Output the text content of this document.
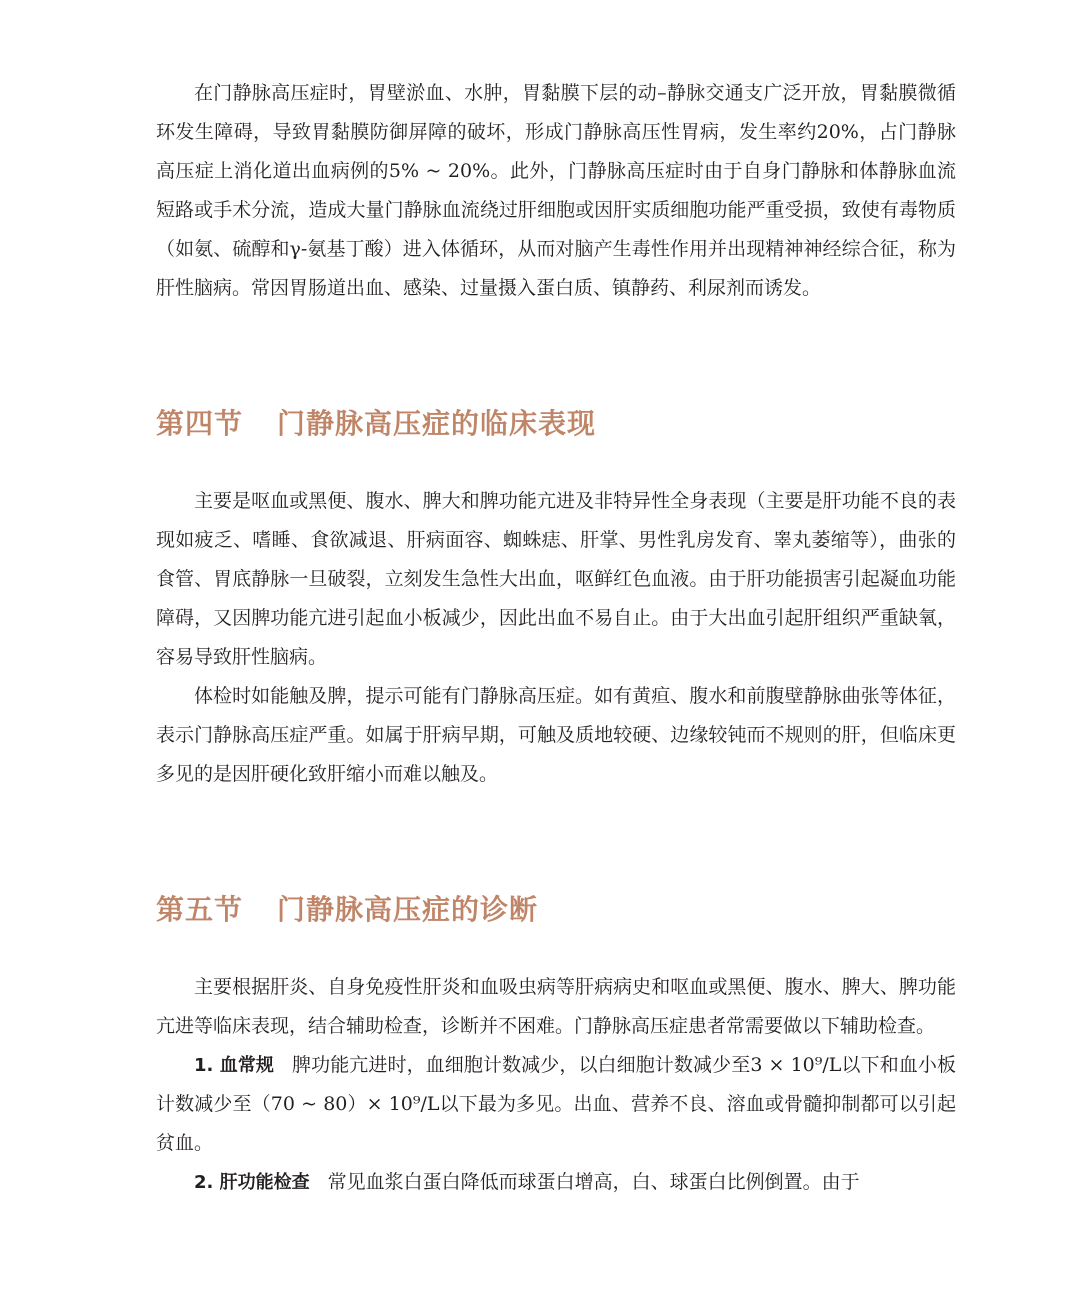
在门静脉高压症时，胃壁淤血、水肿，胃黏膜下层的动–静脉交通支广泛开放，胃黏膜微循环发生障碍，导致胃黏膜防御屏障的破坏，形成门静脉高压性胃病，发生率约20%，占门静脉高压症上消化道出血病例的5% ~ 20%。此外，门静脉高压症时由于自身门静脉和体静脉血流短路或手术分流，造成大量门静脉血流绕过肝细胞或因肝实质细胞功能严重受损，致使有毒物质（如氨、硫醇和γ-氨基丁酸）进入体循环，从而对脑产生毒性作用并出现精神神经综合征，称为肝性脑病。常因胃肠道出血、感染、过量摄入蛋白质、镇静药、利尿剂而诱发。

第四节 门静脉高压症的临床表现

主要是呕血或黑便、腹水、脾大和脾功能亢进及非特异性全身表现（主要是肝功能不良的表现如疲乏、嗜睡、食欲减退、肝病面容、蜘蛛痣、肝掌、男性乳房发育、睾丸萎缩等），曲张的食管、胃底静脉一旦破裂，立刻发生急性大出血，呕鲜红色血液。由于肝功能损害引起凝血功能障碍，又因脾功能亢进引起血小板减少，因此出血不易自止。由于大出血引起肝组织严重缺氧，容易导致肝性脑病。

体检时如能触及脾，提示可能有门静脉高压症。如有黄疸、腹水和前腹壁静脉曲张等体征，表示门静脉高压症严重。如属于肝病早期，可触及质地较硬、边缘较钝而不规则的肝，但临床更多见的是因肝硬化致肝缩小而难以触及。

第五节 门静脉高压症的诊断

主要根据肝炎、自身免疫性肝炎和血吸虫病等肝病病史和呕血或黑便、腹水、脾大、脾功能亢进等临床表现，结合辅助检查，诊断并不困难。门静脉高压症患者常需要做以下辅助检查。

1. 血常规 脾功能亢进时，血细胞计数减少，以白细胞计数减少至3 × 10⁹/L以下和血小板计数减少至（70 ~ 80）× 10⁹/L以下最为多见。出血、营养不良、溶血或骨髓抑制都可以引起贫血。

2. 肝功能检查 常见血浆白蛋白降低而球蛋白增高，白、球蛋白比例倒置。由于
